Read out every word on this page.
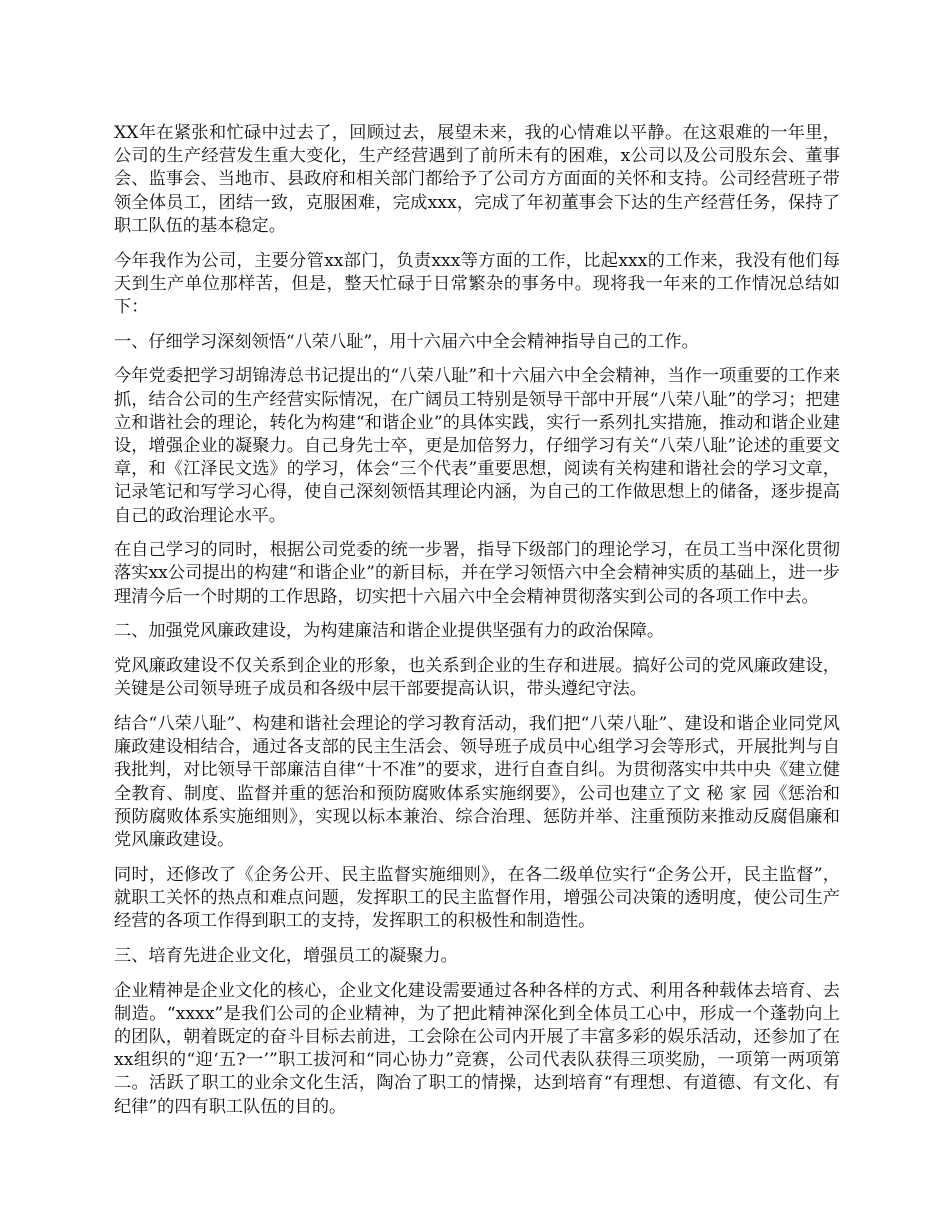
XX年在紧张和忙碌中过去了，回顾过去，展望未来，我的心情难以平静。在这艰难的一年里，公司的生产经营发生重大变化，生产经营遇到了前所未有的困难，x公司以及公司股东会、董事会、监事会、当地市、县政府和相关部门都给予了公司方方面面的关怀和支持。公司经营班子带领全体员工，团结一致，克服困难，完成xxx，完成了年初董事会下达的生产经营任务，保持了职工队伍的基本稳定。

今年我作为公司，主要分管xx部门，负责xxx等方面的工作，比起xxx的工作来，我没有他们每天到生产单位那样苦，但是，整天忙碌于日常繁杂的事务中。现将我一年来的工作情况总结如下：

一、仔细学习深刻领悟“八荣八耻”，用十六届六中全会精神指导自己的工作。

今年党委把学习胡锦涛总书记提出的“八荣八耻”和十六届六中全会精神，当作一项重要的工作来抓，结合公司的生产经营实际情况，在广阔员工特别是领导干部中开展“八荣八耻”的学习；把建立和谐社会的理论，转化为构建“和谐企业”的具体实践，实行一系列扎实措施，推动和谐企业建设，增强企业的凝聚力。自己身先士卒，更是加倍努力，仔细学习有关“八荣八耻”论述的重要文章，和《江泽民文选》的学习，体会“三个代表”重要思想，阅读有关构建和谐社会的学习文章，记录笔记和写学习心得，使自己深刻领悟其理论内涵，为自己的工作做思想上的储备，逐步提高自己的政治理论水平。

在自己学习的同时，根据公司党委的统一步署，指导下级部门的理论学习，在员工当中深化贯彻落实xx公司提出的构建“和谐企业”的新目标，并在学习领悟六中全会精神实质的基础上，进一步理清今后一个时期的工作思路，切实把十六届六中全会精神贯彻落实到公司的各项工作中去。

二、加强党风廉政建设，为构建廉洁和谐企业提供坚强有力的政治保障。

党风廉政建设不仅关系到企业的形象，也关系到企业的生存和进展。搞好公司的党风廉政建设，关键是公司领导班子成员和各级中层干部要提高认识，带头遵纪守法。

结合“八荣八耻”、构建和谐社会理论的学习教育活动，我们把“八荣八耻”、建设和谐企业同党风廉政建设相结合，通过各支部的民主生活会、领导班子成员中心组学习会等形式，开展批判与自我批判，对比领导干部廉洁自律“十不准”的要求，进行自查自纠。为贯彻落实中共中央《建立健全教育、制度、监督并重的惩治和预防腐败体系实施纲要》，公司也建立了文 秘 家 园《惩治和预防腐败体系实施细则》，实现以标本兼治、综合治理、惩防并举、注重预防来推动反腐倡廉和党风廉政建设。

同时，还修改了《企务公开、民主监督实施细则》，在各二级单位实行“企务公开，民主监督”，就职工关怀的热点和难点问题，发挥职工的民主监督作用，增强公司决策的透明度，使公司生产经营的各项工作得到职工的支持，发挥职工的积极性和制造性。

三、培育先进企业文化，增强员工的凝聚力。

企业精神是企业文化的核心，企业文化建设需要通过各种各样的方式、利用各种载体去培育、去制造。“xxxx”是我们公司的企业精神，为了把此精神深化到全体员工心中，形成一个蓬勃向上的团队，朝着既定的奋斗目标去前进，工会除在公司内开展了丰富多彩的娱乐活动，还参加了在xx组织的“迎‘五?一’”职工拔河和“同心协力”竞赛，公司代表队获得三项奖励，一项第一两项第二。活跃了职工的业余文化生活，陶冶了职工的情操，达到培育“有理想、有道德、有文化、有纪律”的四有职工队伍的目的。
